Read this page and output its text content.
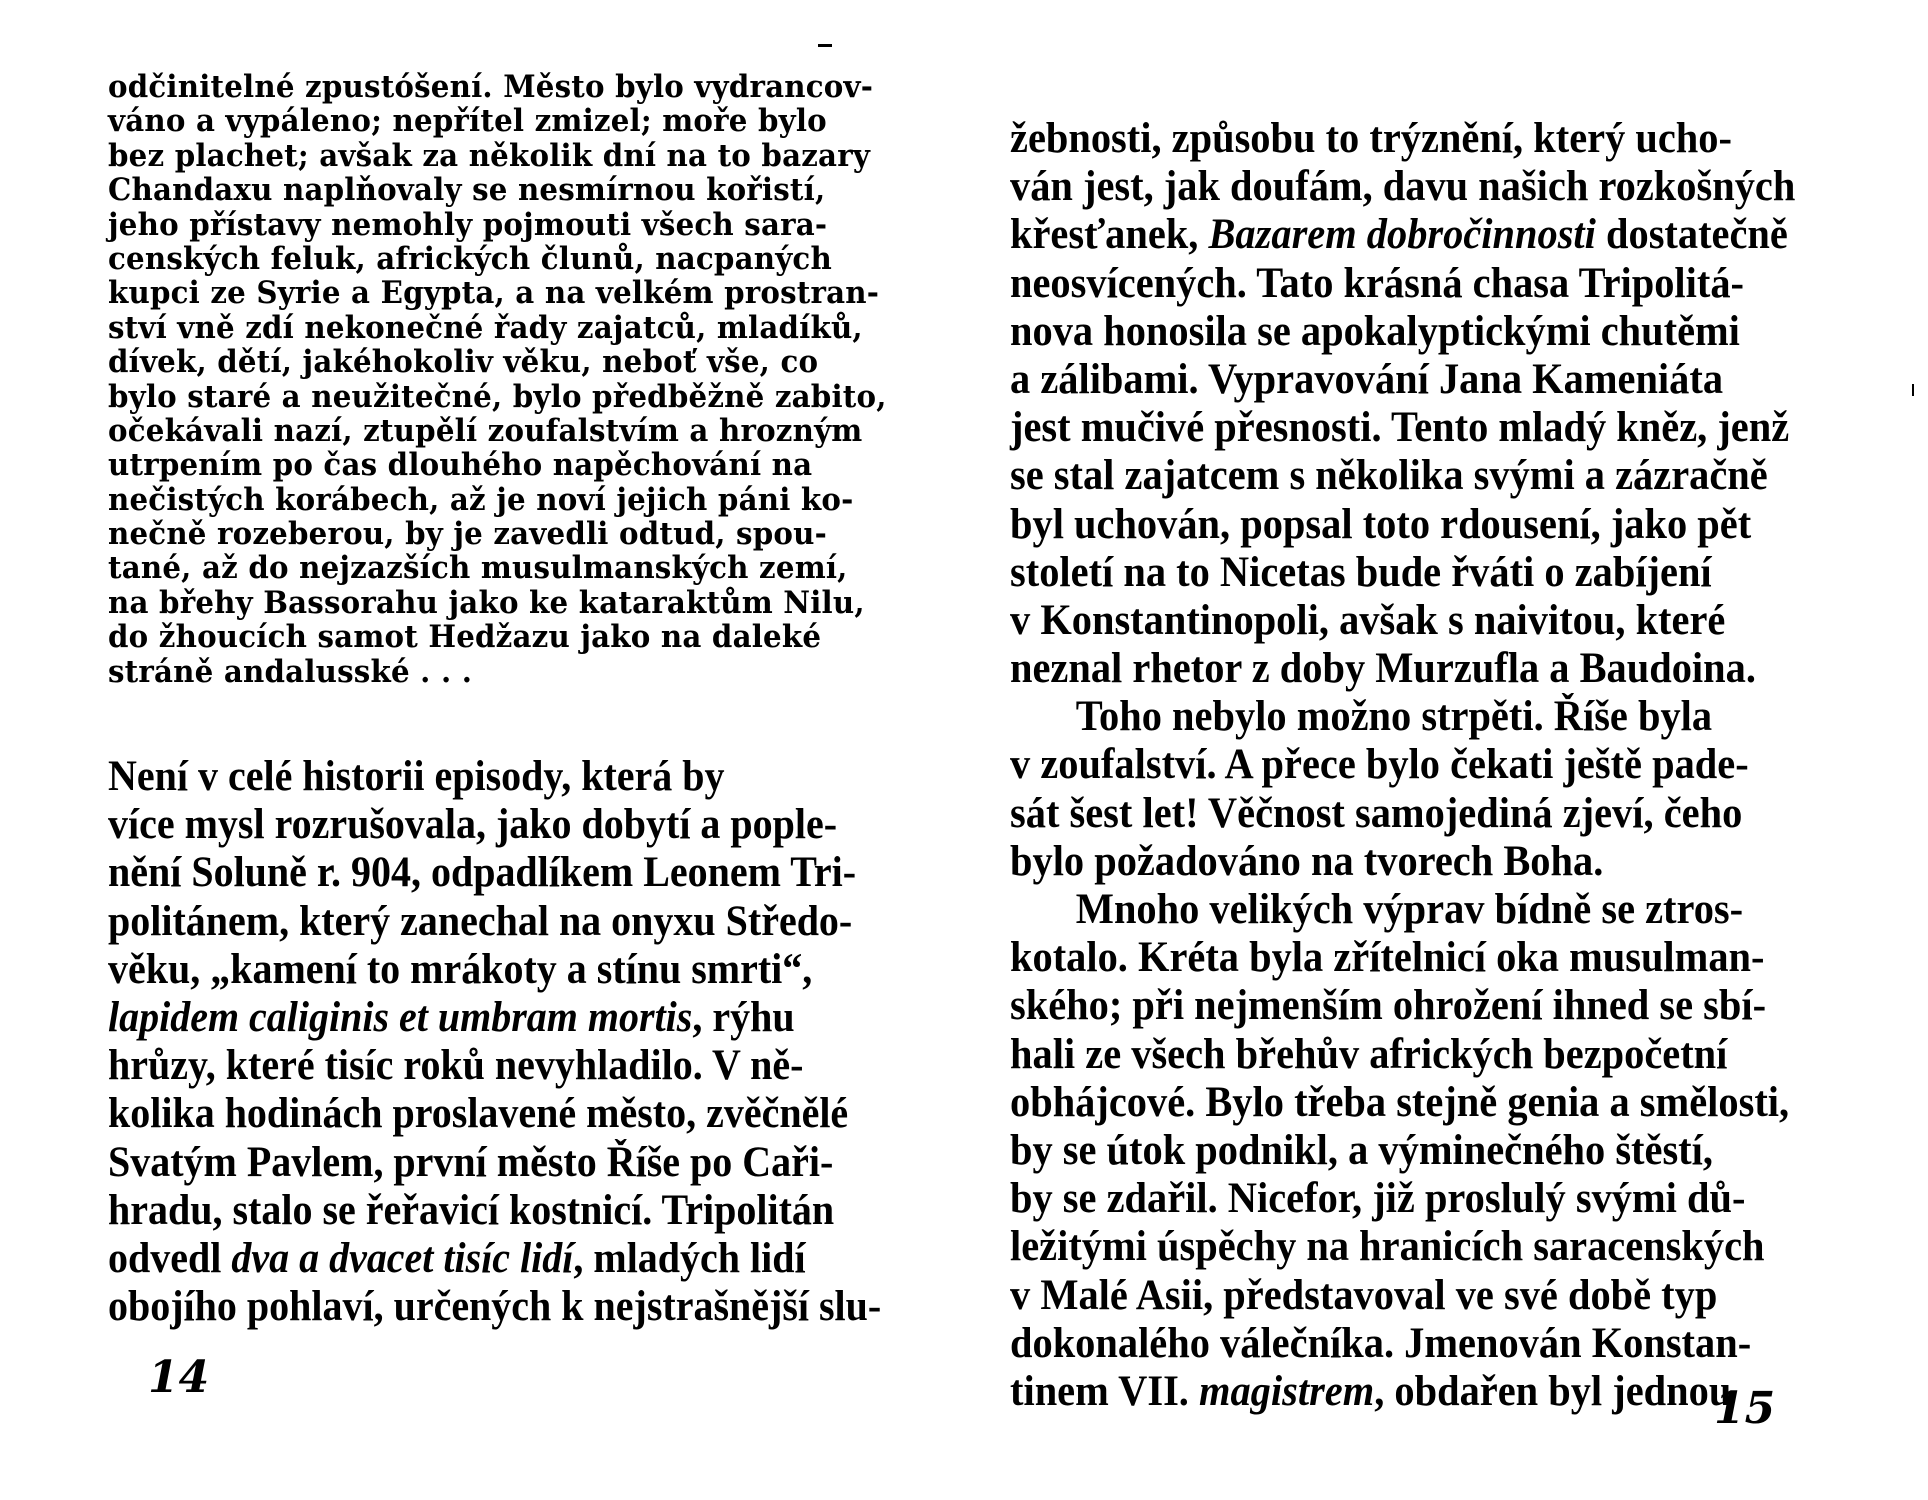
odčinitelné zpustóšení. Město bylo vydrancov-
váno a vypáleno; nepřítel zmizel; moře bylo
bez plachet; avšak za několik dní na to bazary
Chandaxu naplňovaly se nesmírnou kořistí,
jeho přístavy nemohly pojmouti všech sara-
cenských feluk, afrických člunů, nacpaných
kupci ze Syrie a Egypta, a na velkém prostran-
ství vně zdí nekonečné řady zajatců, mladíků,
dívek, dětí, jakéhokoliv věku, neboť vše, co
bylo staré a neužitečné, bylo předběžně zabito,
očekávali nazí, ztupělí zoufalstvím a hrozným
utrpením po čas dlouhého napěchování na
nečistých korábech, až je noví jejich páni ko-
nečně rozeberou, by je zavedli odtud, spou-
tané, až do nejzazších musulmanských zemí,
na břehy Bassorahu jako ke kataraktům Nilu,
do žhoucích samot Hedžazu jako na daleké
stráně andalusské . . .
Není v celé historii episody, která by
více mysl rozrušovala, jako dobytí a pople-
nění Soluně r. 904, odpadlíkem Leonem Tri-
politánem, který zanechal na onyxu Středo-
věku, „kamení to mrákoty a stínu smrti“,
lapidem caliginis et umbram mortis, rýhu
hrůzy, které tisíc roků nevyhladilo. V ně-
kolika hodinách proslavené město, zvěčnělé
Svatým Pavlem, první město Říše po Caři-
hradu, stalo se řeřavicí kostnicí. Tripolitán
odvedl dva a dvacet tisíc lidí, mladých lidí
obojího pohlaví, určených k nejstrašnější slu-
14
žebnosti, způsobu to trýznění, který ucho-
ván jest, jak doufám, davu našich rozkošných
křesťanek, Bazarem dobročinnosti dostatečně
neosvícených. Tato krásná chasa Tripolitá-
nova honosila se apokalyptickými chutěmi
a zálibami. Vypravování Jana Kameniáta
jest mučivé přesnosti. Tento mladý kněz, jenž
se stal zajatcem s několika svými a zázračně
byl uchován, popsal toto rdousení, jako pět
století na to Nicetas bude řváti o zabíjení
v Konstantinopoli, avšak s naivitou, které
neznal rhetor z doby Murzufla a Baudoina.
Toho nebylo možno strpěti. Říše byla
v zoufalství. A přece bylo čekati ještě pade-
sát šest let! Věčnost samojediná zjeví, čeho
bylo požadováno na tvorech Boha.
Mnoho velikých výprav bídně se ztros-
kotalo. Kréta byla zřítelnicí oka musulman-
ského; při nejmenším ohrožení ihned se sbí-
hali ze všech břehův afrických bezpočetní
obhájcové. Bylo třeba stejně genia a smělosti,
by se útok podnikl, a výminečného štěstí,
by se zdařil. Nicefor, již proslulý svými dů-
ležitými úspěchy na hranicích saracenských
v Malé Asii, představoval ve své době typ
dokonalého válečníka. Jmenován Konstan-
tinem VII. magistrem, obdařen byl jednou
15
